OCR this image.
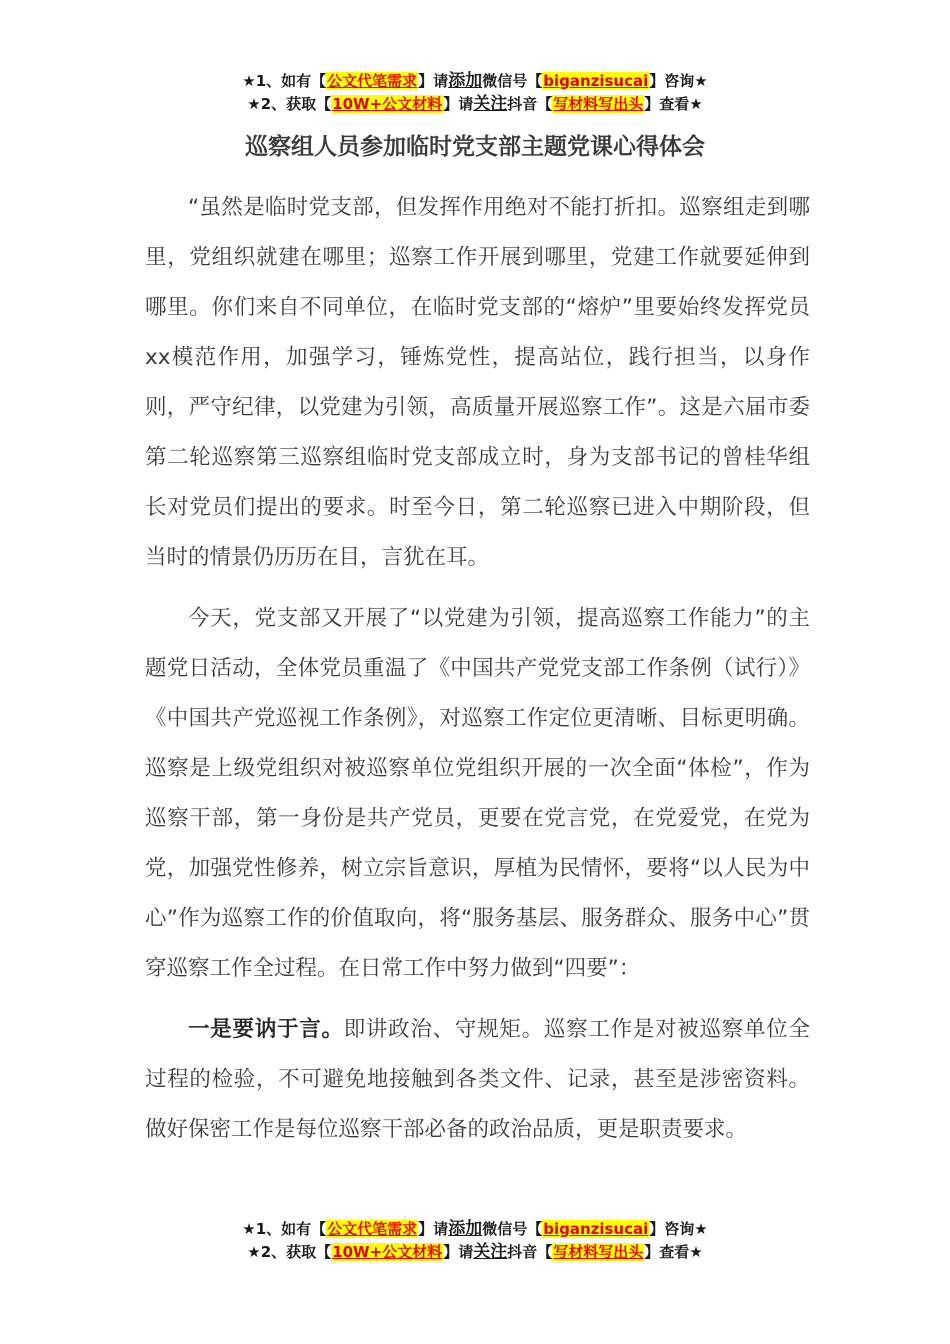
★1、如有【公文代笔需求】请添加微信号【biganzisucai】咨询★
★2、获取【10W+公文材料】请关注抖音【写材料写出头】查看★
巡察组人员参加临时党支部主题党课心得体会

“虽然是临时党支部，但发挥作用绝对不能打折扣。巡察组走到哪里，党组织就建在哪里；巡察工作开展到哪里，党建工作就要延伸到哪里。你们来自不同单位，在临时党支部的“熔炉”里要始终发挥党员xx模范作用，加强学习，锤炼党性，提高站位，践行担当，以身作则，严守纪律，以党建为引领，高质量开展巡察工作”。这是六届市委第二轮巡察第三巡察组临时党支部成立时，身为支部书记的曾桂华组长对党员们提出的要求。时至今日，第二轮巡察已进入中期阶段，但当时的情景仍历历在目，言犹在耳。

今天，党支部又开展了“以党建为引领，提高巡察工作能力”的主题党日活动，全体党员重温了《中国共产党党支部工作条例（试行）》《中国共产党巡视工作条例》，对巡察工作定位更清晰、目标更明确。巡察是上级党组织对被巡察单位党组织开展的一次全面“体检”，作为巡察干部，第一身份是共产党员，更要在党言党，在党爱党，在党为党，加强党性修养，树立宗旨意识，厚植为民情怀，要将“以人民为中心”作为巡察工作的价值取向，将“服务基层、服务群众、服务中心”贯穿巡察工作全过程。在日常工作中努力做到“四要”：

一是要讷于言。即讲政治、守规矩。巡察工作是对被巡察单位全过程的检验，不可避免地接触到各类文件、记录，甚至是涉密资料。做好保密工作是每位巡察干部必备的政治品质，更是职责要求。

★1、如有【公文代笔需求】请添加微信号【biganzisucai】咨询★
★2、获取【10W+公文材料】请关注抖音【写材料写出头】查看★
